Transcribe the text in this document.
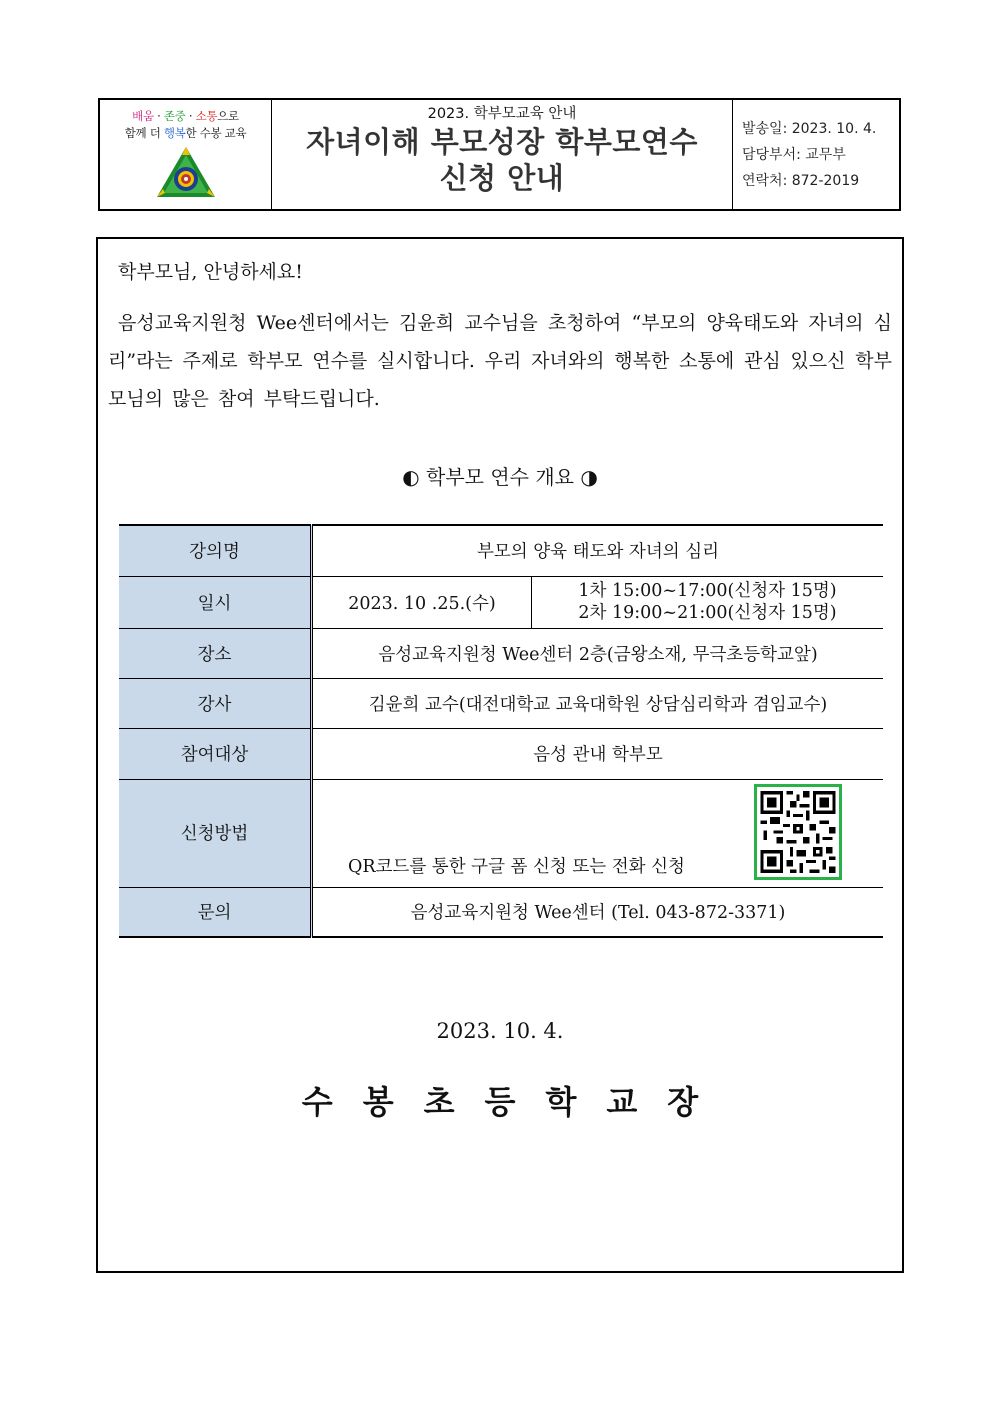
배움 · 존중 · 소통으로
함께 더 행복한 수봉 교육
2023. 학부모교육 안내
자녀이해 부모성장 학부모연수
신청 안내
발송일: 2023. 10. 4.
담당부서: 교무부
연락처: 872-2019
학부모님, 안녕하세요!
음성교육지원청 Wee센터에서는 김윤희 교수님을 초청하여 “부모의 양육태도와 자녀의 심리”라는 주제로 학부모 연수를 실시합니다. 우리 자녀와의 행복한 소통에 관심 있으신 학부모님의 많은 참여 부탁드립니다.
◐ 학부모 연수 개요 ◑
강의명	부모의 양육 태도와 자녀의 심리	
일시	2023. 10 .25.(수)	1차 15:00~17:00(신청자 15명)
2차 19:00~21:00(신청자 15명)

장소	음성교육지원청 Wee센터 2층(금왕소재, 무극초등학교앞)	
강사	김윤희 교수(대전대학교 교육대학원 상담심리학과 겸임교수)	
참여대상	음성 관내 학부모	
신청방법	QR코드를 통한 구글 폼 신청 또는 전화 신청	

문의	음성교육지원청 Wee센터 (Tel. 043-872-3371)	
2023. 10. 4.
수봉초등학교장
